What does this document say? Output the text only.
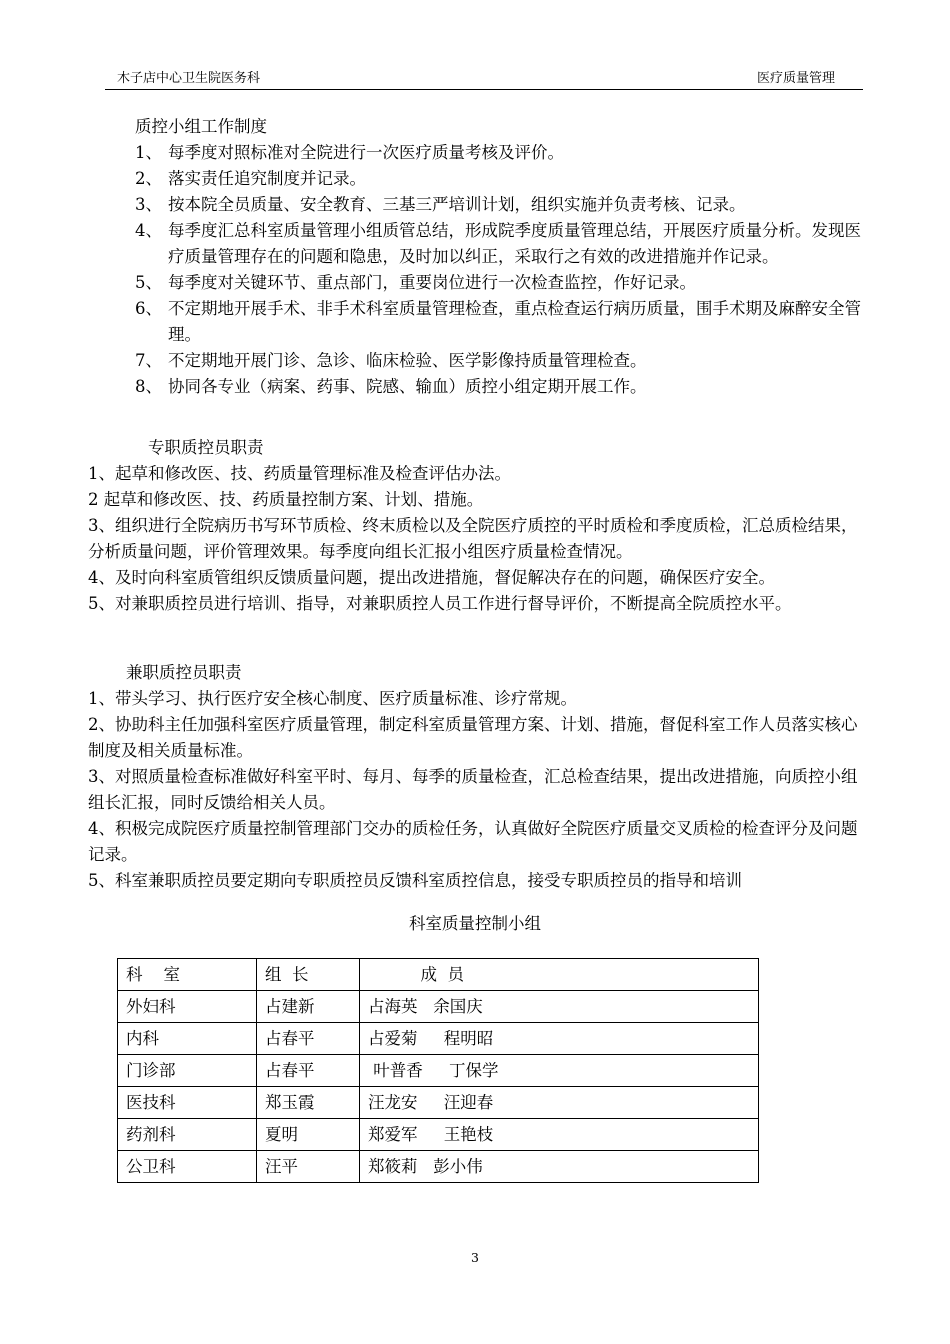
木子店中心卫生院医务科	医疗质量管理
质控小组工作制度
1、 每季度对照标准对全院进行一次医疗质量考核及评价。
2、 落实责任追究制度并记录。
3、 按本院全员质量、安全教育、三基三严培训计划，组织实施并负责考核、记录。
4、 每季度汇总科室质量管理小组质管总结，形成院季度质量管理总结，开展医疗质量分析。发现医疗质量管理存在的问题和隐患，及时加以纠正，采取行之有效的改进措施并作记录。
5、 每季度对关键环节、重点部门，重要岗位进行一次检查监控，作好记录。
6、 不定期地开展手术、非手术科室质量管理检查，重点检查运行病历质量，围手术期及麻醉安全管理。
7、 不定期地开展门诊、急诊、临床检验、医学影像持质量管理检查。
8、 协同各专业（病案、药事、院感、输血）质控小组定期开展工作。
专职质控员职责
1、起草和修改医、技、药质量管理标准及检查评估办法。
2 起草和修改医、技、药质量控制方案、计划、措施。
3、组织进行全院病历书写环节质检、终末质检以及全院医疗质控的平时质检和季度质检，汇总质检结果，分析质量问题，评价管理效果。每季度向组长汇报小组医疗质量检查情况。
4、及时向科室质管组织反馈质量问题，提出改进措施，督促解决存在的问题，确保医疗安全。
5、对兼职质控员进行培训、指导，对兼职质控人员工作进行督导评价，不断提高全院质控水平。
兼职质控员职责
1、带头学习、执行医疗安全核心制度、医疗质量标准、诊疗常规。
2、协助科主任加强科室医疗质量管理，制定科室质量管理方案、计划、措施，督促科室工作人员落实核心制度及相关质量标准。
3、对照质量检查标准做好科室平时、每月、每季的质量检查，汇总检查结果，提出改进措施，向质控小组组长汇报，同时反馈给相关人员。
4、积极完成院医疗质量控制管理部门交办的质检任务，认真做好全院医疗质量交叉质检的检查评分及问题记录。
5、科室兼职质控员要定期向专职质控员反馈科室质控信息，接受专职质控员的指导和培训
科室质量控制小组
科    室	组  长	成  员
外妇科	占建新	占海英   余国庆
内科	占春平	占爱菊     程明昭
门诊部	占春平	叶普香     丁保学
医技科	郑玉霞	汪龙安     汪迎春
药剂科	夏明	郑爱军     王艳枝
公卫科	汪平	郑筱莉   彭小伟
3
